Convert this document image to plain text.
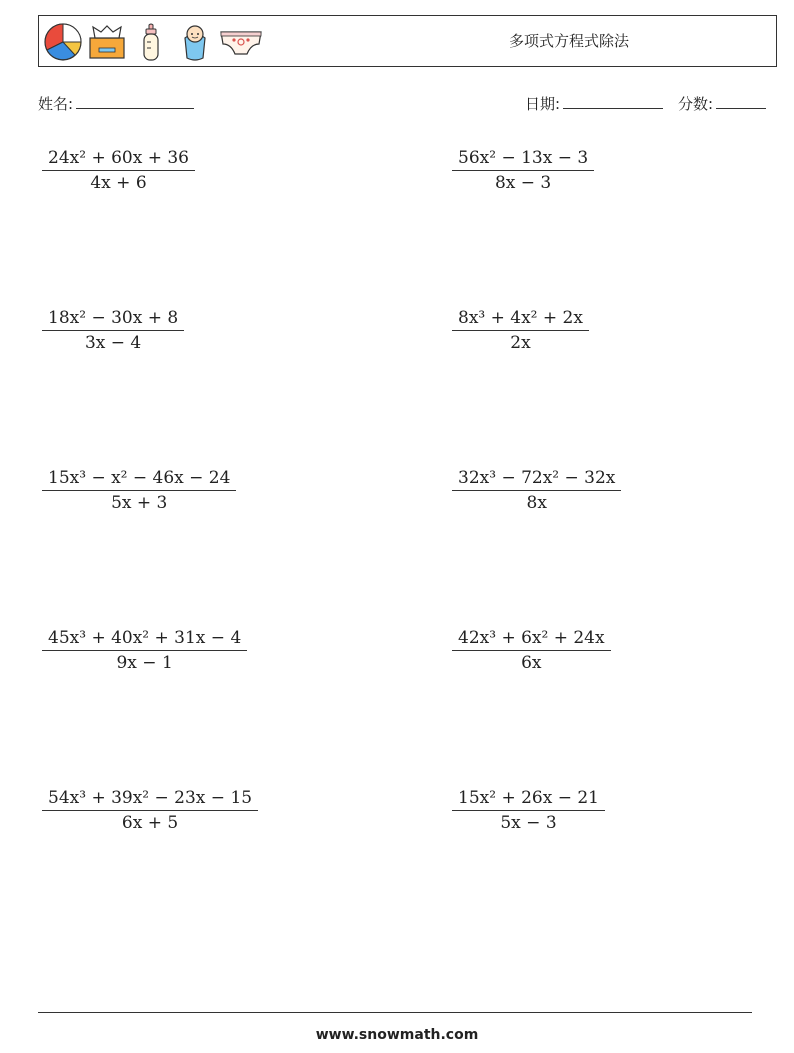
多项式方程式除法
姓名:	日期:	分数:
$\frac{\text{24x² + 60x + 36}}{4x + 6}$	$\frac{\text{56x² − 13x − 3}}{8x - 3}$
$\frac{\text{18x² − 30x + 8}}{3x - 4}$	$\frac{\text{8x³ + 4x² + 2x}}{2x}$
$\frac{\text{15x³ − x² − 46x − 24}}{5x + 3}$	$\frac{\text{32x³ − 72x² − 32x}}{8x}$
$\frac{\text{45x³ + 40x² + 31x − 4}}{9x - 1}$	$\frac{\text{42x³ + 6x² + 24x}}{6x}$
$\frac{\text{54x³ + 39x² − 23x − 15}}{6x + 5}$	$\frac{\text{15x² + 26x − 21}}{5x - 3}$
www.snowmath.com
